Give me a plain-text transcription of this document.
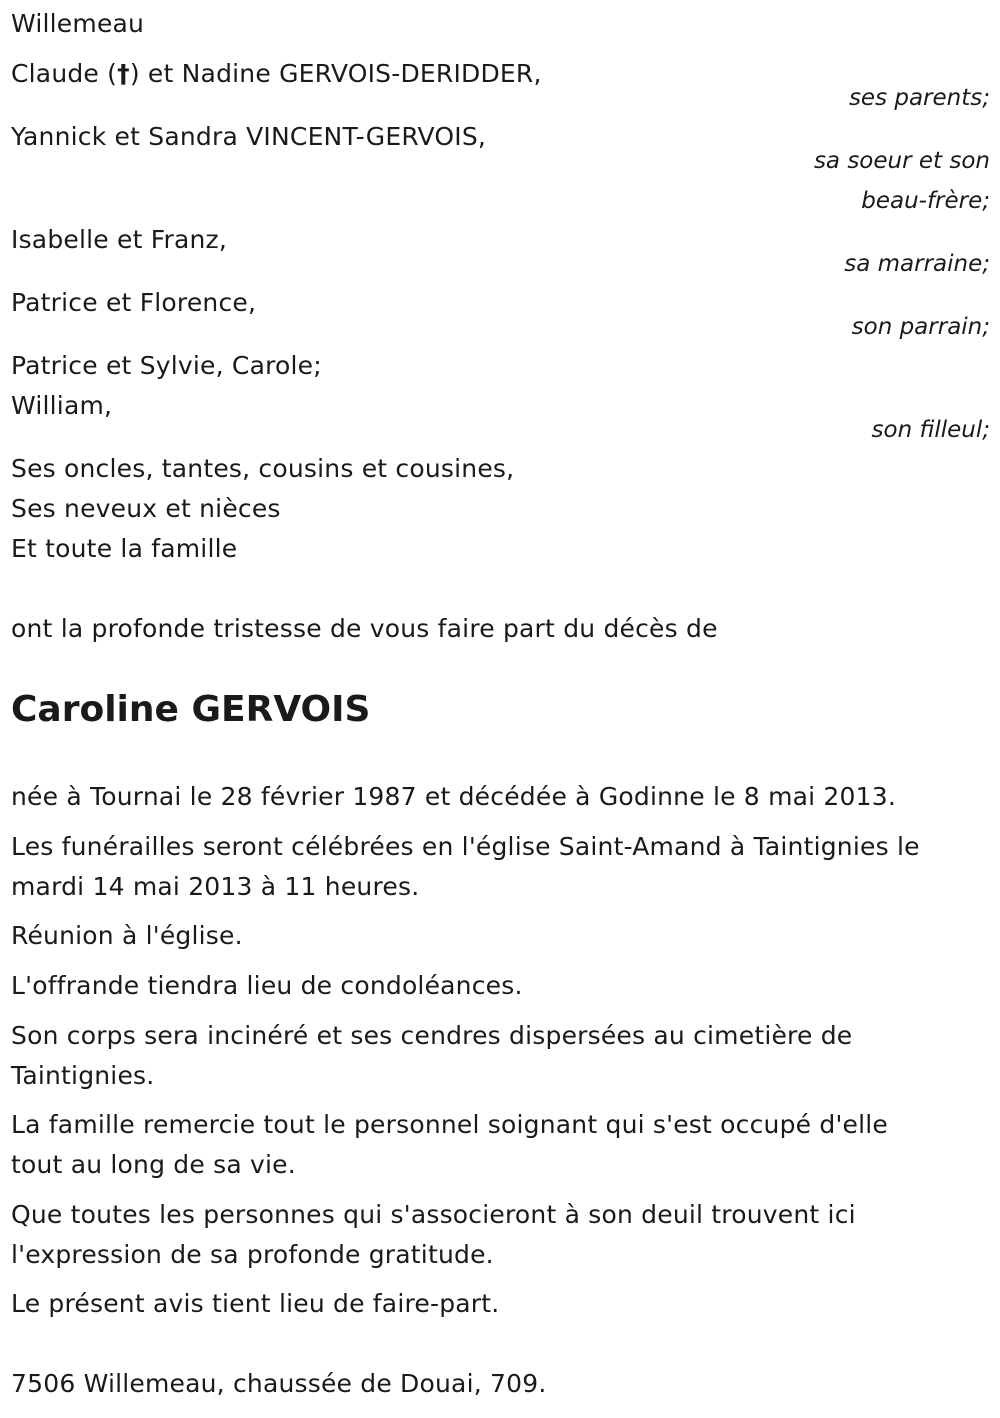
Willemeau
Claude (†) et Nadine GERVOIS-DERIDDER,
ses parents;
Yannick et Sandra VINCENT-GERVOIS,
sa soeur et son
beau-frère;
Isabelle et Franz,
sa marraine;
Patrice et Florence,
son parrain;
Patrice et Sylvie, Carole;
William,
son filleul;
Ses oncles, tantes, cousins et cousines,
Ses neveux et nièces
Et toute la famille
ont la profonde tristesse de vous faire part du décès de
Caroline GERVOIS
née à Tournai le 28 février 1987 et décédée à Godinne le 8 mai 2013.
Les funérailles seront célébrées en l'église Saint-Amand à Taintignies le
mardi 14 mai 2013 à 11 heures.
Réunion à l'église.
L'offrande tiendra lieu de condoléances.
Son corps sera incinéré et ses cendres dispersées au cimetière de
Taintignies.
La famille remercie tout le personnel soignant qui s'est occupé d'elle
tout au long de sa vie.
Que toutes les personnes qui s'associeront à son deuil trouvent ici
l'expression de sa profonde gratitude.
Le présent avis tient lieu de faire-part.
7506 Willemeau, chaussée de Douai, 709.
